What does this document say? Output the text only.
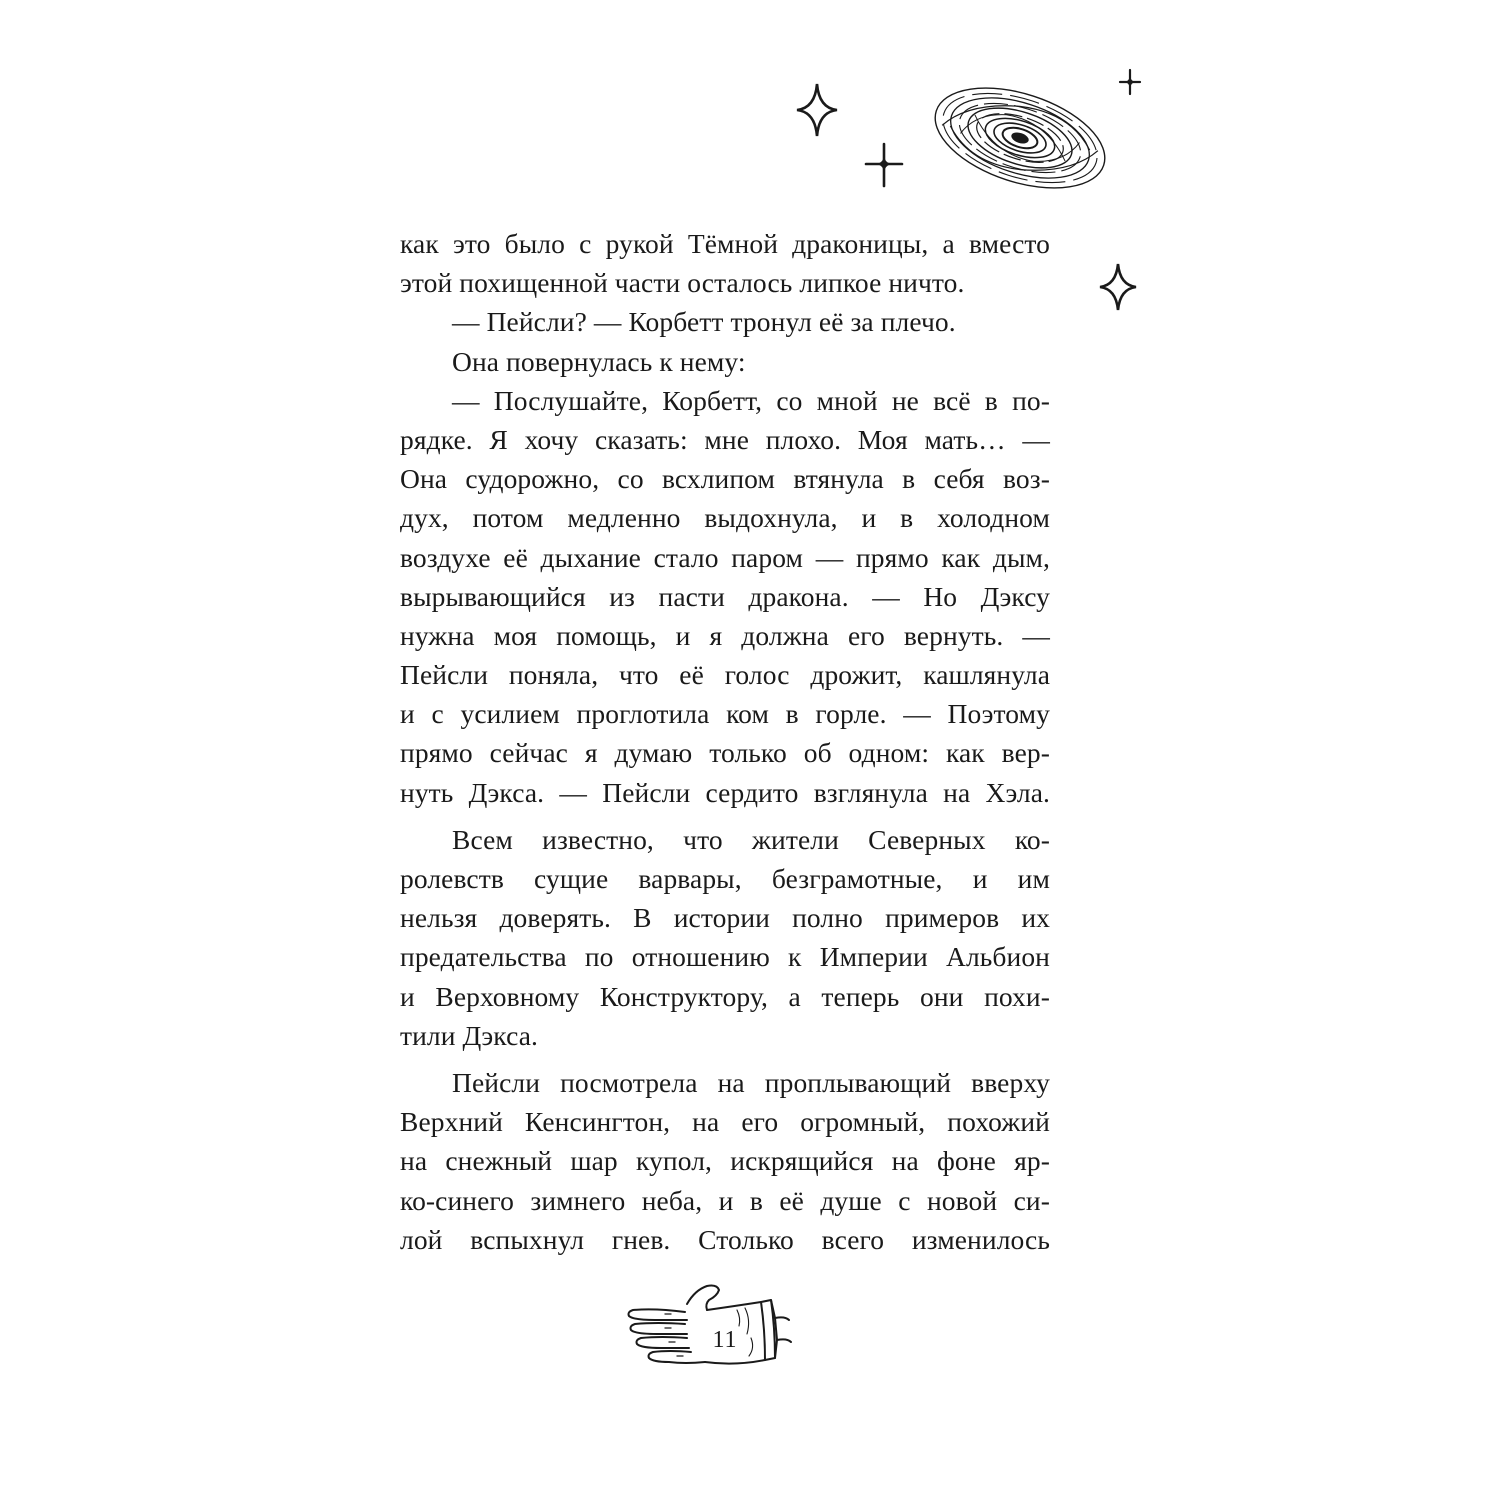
как это было с рукой Тёмной драконицы, а вместо
этой похищенной части осталось липкое ничто.
— Пейсли? — Корбетт тронул её за плечо.
Она повернулась к нему:
— Послушайте, Корбетт, со мной не всё в по-
рядке. Я хочу сказать: мне плохо. Моя мать… —
Она судорожно, со всхлипом втянула в себя воз-
дух, потом медленно выдохнула, и в холодном
воздухе её дыхание стало паром — прямо как дым,
вырывающийся из пасти дракона. — Но Дэксу
нужна моя помощь, и я должна его вернуть. —
Пейсли поняла, что её голос дрожит, кашлянула
и с усилием проглотила ком в горле. — Поэтому
прямо сейчас я думаю только об одном: как вер-
нуть Дэкса. — Пейсли сердито взглянула на Хэла.
Всем известно, что жители Северных ко-
ролевств сущие варвары, безграмотные, и им
нельзя доверять. В истории полно примеров их
предательства по отношению к Империи Альбион
и Верховному Конструктору, а теперь они похи-
тили Дэкса.
Пейсли посмотрела на проплывающий вверху
Верхний Кенсингтон, на его огромный, похожий
на снежный шар купол, искрящийся на фоне яр-
ко-синего зимнего неба, и в её душе с новой си-
лой вспыхнул гнев. Столько всего изменилось
11
